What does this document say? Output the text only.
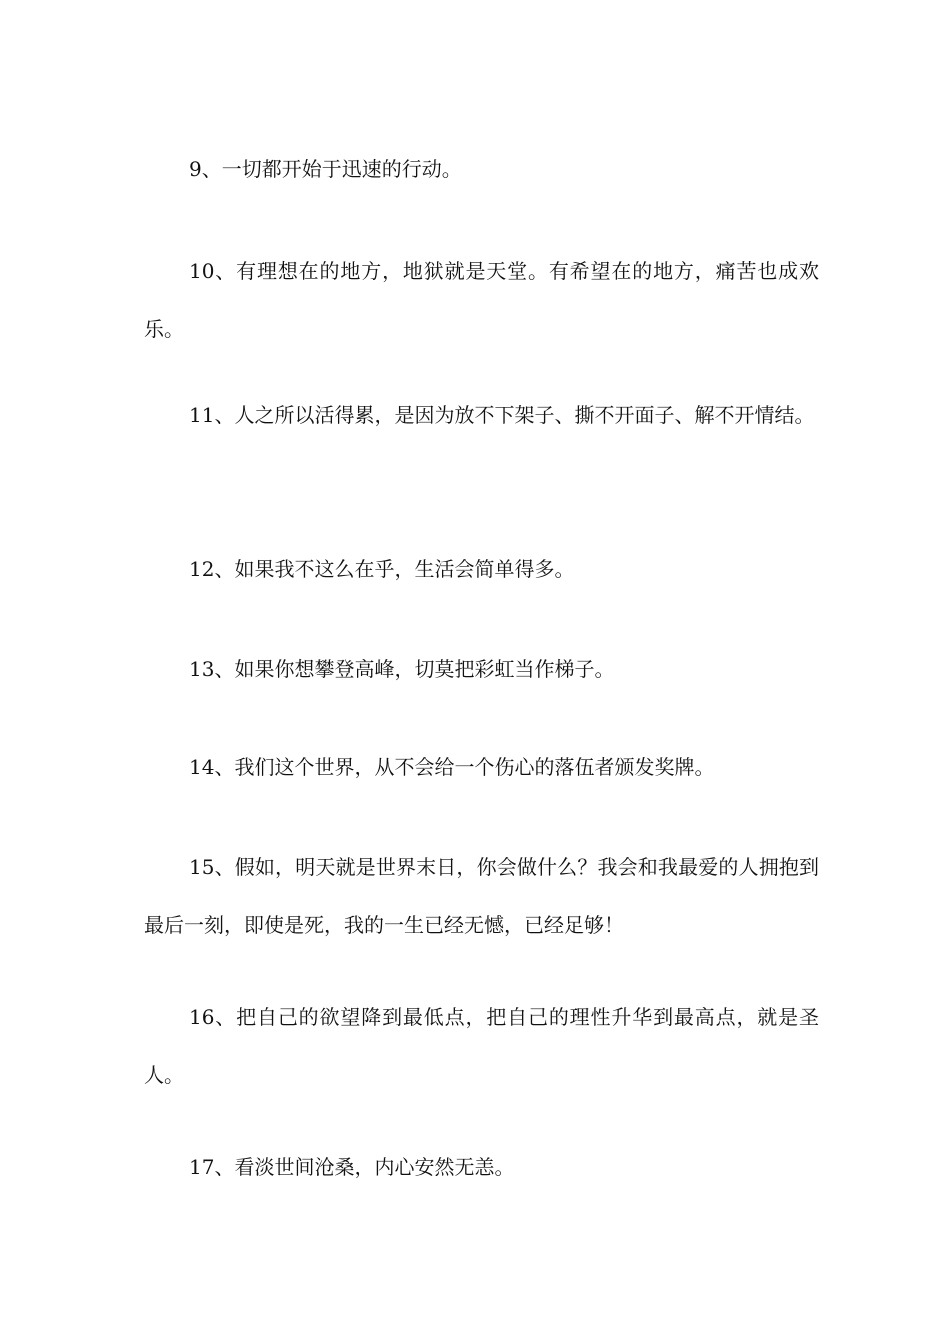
9、一切都开始于迅速的行动。

10、有理想在的地方，地狱就是天堂。有希望在的地方，痛苦也成欢乐。

11、人之所以活得累，是因为放不下架子、撕不开面子、解不开情结。

12、如果我不这么在乎，生活会简单得多。

13、如果你想攀登高峰，切莫把彩虹当作梯子。

14、我们这个世界，从不会给一个伤心的落伍者颁发奖牌。

15、假如，明天就是世界末日，你会做什么？我会和我最爱的人拥抱到最后一刻，即使是死，我的一生已经无憾，已经足够！

16、把自己的欲望降到最低点，把自己的理性升华到最高点，就是圣人。

17、看淡世间沧桑，内心安然无恙。
